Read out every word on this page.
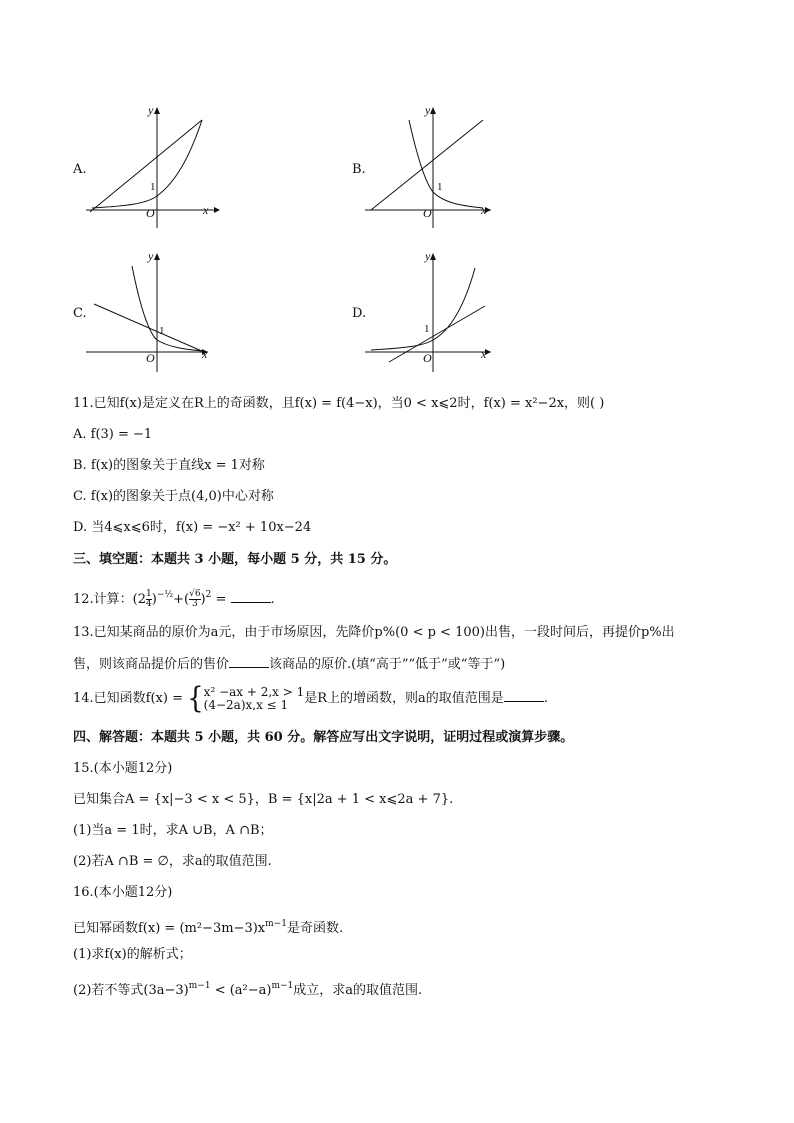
A.
y
x
O
1
B.
y
x
O
1
C.
y
x
O
1
D.
y
x
O
1
11.已知f(x)是定义在R上的奇函数，且f(x) = f(4−x)，当0 < x⩽2时，f(x) = x²−2x，则( )
A. f(3) = −1
B. f(x)的图象关于直线x = 1对称
C. f(x)的图象关于点(4,0)中心对称
D. 当4⩽x⩽6时，f(x) = −x² + 10x−24
三、填空题：本题共 3 小题，每小题 5 分，共 15 分。
12.计算：$(2 \frac{1}{4} )^{-\frac{1}{2}}+( \frac{√6}{3} )^2$ =	.
13.已知某商品的原价为a元，由于市场原因，先降价p%(0 < p < 100)出售，一段时间后，再提价p%出
售，则该商品提价后的售价	该商品的原价.(填“高于”“低于”或“等于”)
14.已知函数f(x) = { x² −ax + 2,x > 1
(4−2a)x,x ≤ 1	是R上的增函数，则a的取值范围是	.
四、解答题：本题共 5 小题，共 60 分。解答应写出文字说明，证明过程或演算步骤。
15.(本小题12分)
已知集合A = {x|−3 < x < 5}，B = {x|2a + 1 < x⩽2a + 7}.
(1)当a = 1时，求A ∪B，A ∩B；
(2)若A ∩B = ∅，求a的取值范围.
16.(本小题12分)
已知幂函数$f(x) = (m^2-3m-3)x^{m-1}$是奇函数.
(1)求f(x)的解析式；
(2)若不等式$(3a-3)^{m-1} < (a^2-a)^{m-1}$成立，求a的取值范围.
